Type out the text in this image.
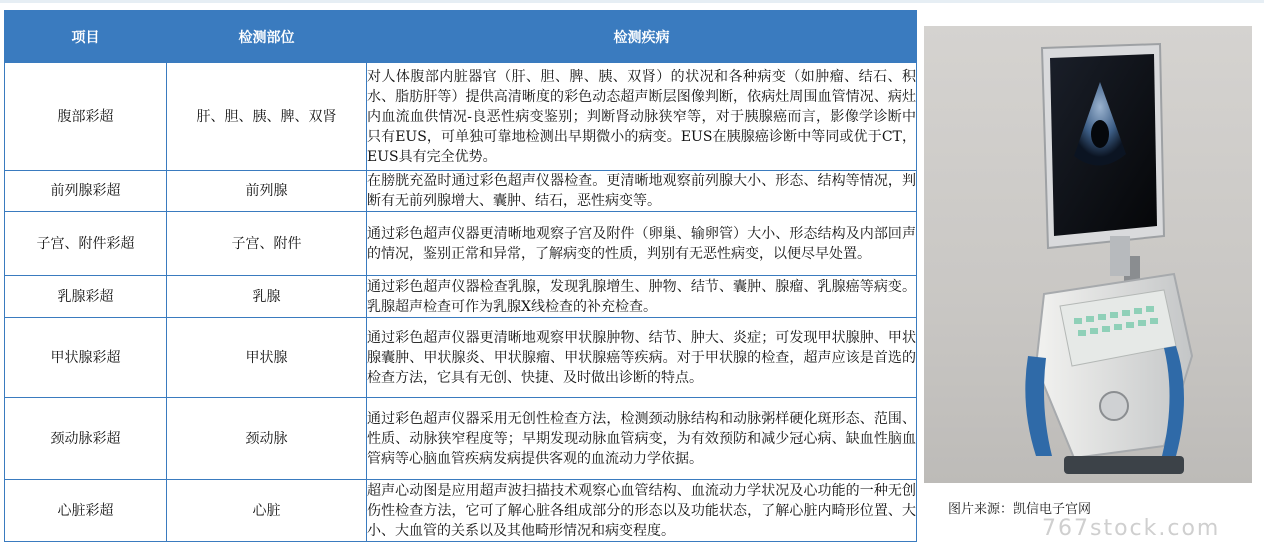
项目	检测部位	检测疾病
腹部彩超	肝、胆、胰、脾、双肾	对人体腹部内脏器官（肝、胆、脾、胰、双肾）的状况和各种病变（如肿瘤、结石、积水、脂肪肝等）提供高清晰度的彩色动态超声断层图像判断，依病灶周围血管情况、病灶内血流血供情况-良恶性病变鉴别；判断肾动脉狭窄等，对于胰腺癌而言，影像学诊断中只有EUS，可单独可靠地检测出早期微小的病变。EUS在胰腺癌诊断中等同或优于CT，EUS具有完全优势。
前列腺彩超	前列腺	在膀胱充盈时通过彩色超声仪器检查。更清晰地观察前列腺大小、形态、结构等情况，判断有无前列腺增大、囊肿、结石，恶性病变等。
子宫、附件彩超	子宫、附件	通过彩色超声仪器更清晰地观察子宫及附件（卵巢、输卵管）大小、形态结构及内部回声的情况，鉴别正常和异常，了解病变的性质，判别有无恶性病变，以便尽早处置。
乳腺彩超	乳腺	通过彩色超声仪器检查乳腺，发现乳腺增生、肿物、结节、囊肿、腺瘤、乳腺癌等病变。乳腺超声检查可作为乳腺X线检查的补充检查。
甲状腺彩超	甲状腺	通过彩色超声仪器更清晰地观察甲状腺肿物、结节、肿大、炎症；可发现甲状腺肿、甲状腺囊肿、甲状腺炎、甲状腺瘤、甲状腺癌等疾病。对于甲状腺的检查，超声应该是首选的检查方法，它具有无创、快捷、及时做出诊断的特点。
颈动脉彩超	颈动脉	通过彩色超声仪器采用无创性检查方法，检测颈动脉结构和动脉粥样硬化斑形态、范围、性质、动脉狭窄程度等；早期发现动脉血管病变，为有效预防和减少冠心病、缺血性脑血管病等心脑血管疾病发病提供客观的血流动力学依据。
心脏彩超	心脏	超声心动图是应用超声波扫描技术观察心血管结构、血流动力学状况及心功能的一种无创伤性检查方法，它可了解心脏各组成部分的形态以及功能状态，了解心脏内畸形位置、大小、大血管的关系以及其他畸形情况和病变程度。
图片来源：凯信电子官网
767stock.com
